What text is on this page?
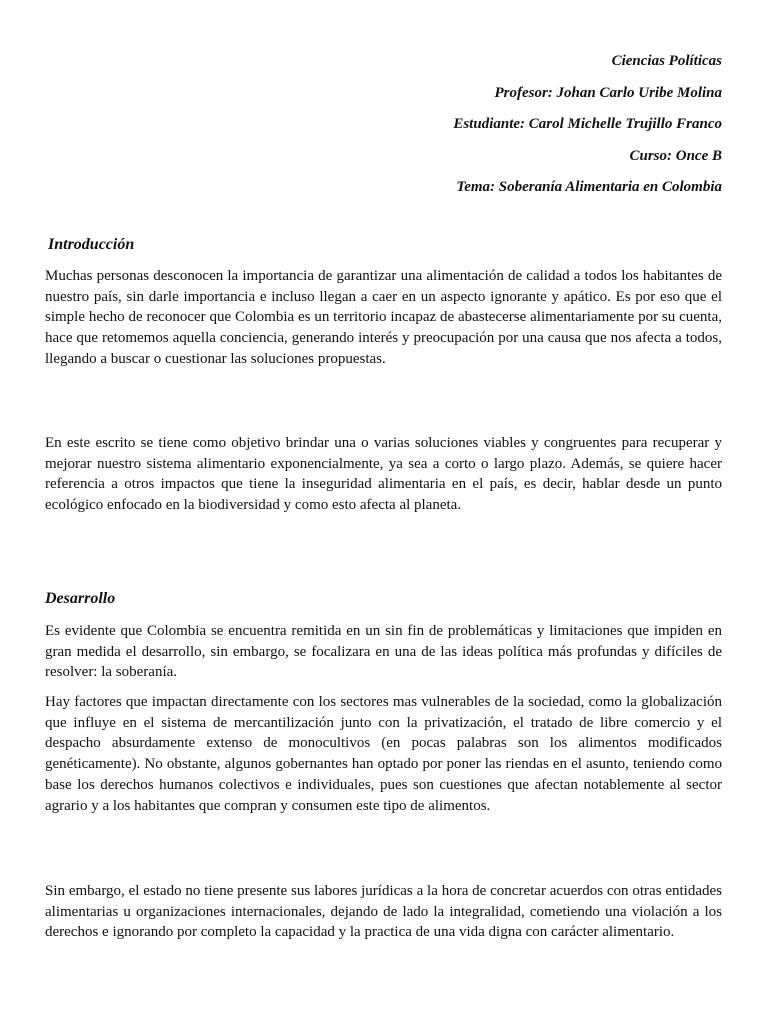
Ciencias Políticas
Profesor: Johan Carlo Uribe Molina
Estudiante: Carol Michelle Trujillo Franco
Curso: Once B
Tema: Soberanía Alimentaria en Colombia
Introducción

Muchas personas desconocen la importancia de garantizar una alimentación de calidad a todos los habitantes de nuestro país, sin darle importancia e incluso llegan a caer en un aspecto ignorante y apático. Es por eso que el simple hecho de reconocer que Colombia es un territorio incapaz de abastecerse alimentariamente por su cuenta, hace que retomemos aquella conciencia, generando interés y preocupación por una causa que nos afecta a todos, llegando a buscar o cuestionar las soluciones propuestas.

En este escrito se tiene como objetivo brindar una o varias soluciones viables y congruentes para recuperar y mejorar nuestro sistema alimentario exponencialmente, ya sea a corto o largo plazo. Además, se quiere hacer referencia a otros impactos que tiene la inseguridad alimentaria en el país, es decir, hablar desde un punto ecológico enfocado en la biodiversidad y como esto afecta al planeta.

Desarrollo

Es evidente que Colombia se encuentra remitida en un sin fin de problemáticas y limitaciones que impiden en gran medida el desarrollo, sin embargo, se focalizara en una de las ideas política más profundas y difíciles de resolver: la soberanía.

Hay factores que impactan directamente con los sectores mas vulnerables de la sociedad, como la globalización que influye en el sistema de mercantilización junto con la privatización, el tratado de libre comercio y el despacho absurdamente extenso de monocultivos (en pocas palabras son los alimentos modificados genéticamente). No obstante, algunos gobernantes han optado por poner las riendas en el asunto, teniendo como base los derechos humanos colectivos e individuales, pues son cuestiones que afectan notablemente al sector agrario y a los habitantes que compran y consumen este tipo de alimentos.

Sin embargo, el estado no tiene presente sus labores jurídicas a la hora de concretar acuerdos con otras entidades alimentarias u organizaciones internacionales, dejando de lado la integralidad, cometiendo una violación a los derechos e ignorando por completo la capacidad y la practica de una vida digna con carácter alimentario.
